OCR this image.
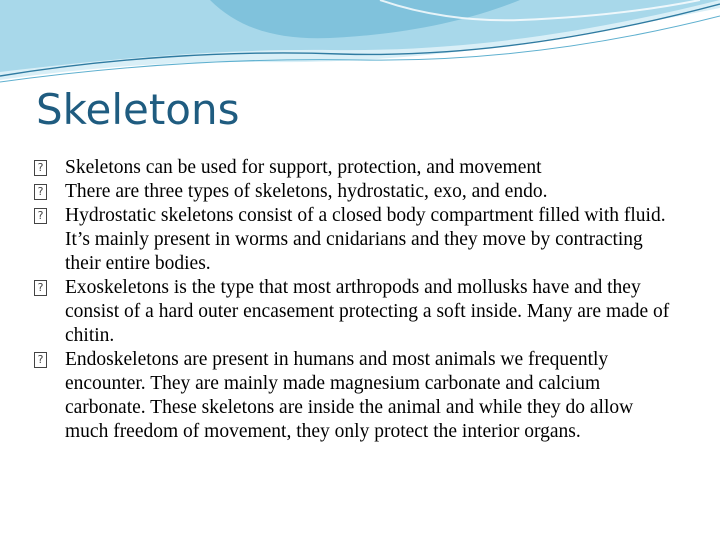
Skeletons
? Skeletons can be used for support, protection, and movement
? There are three types of skeletons, hydrostatic, exo, and endo.
? Hydrostatic skeletons consist of a closed body compartment filled with fluid. It’s mainly present in worms and cnidarians and they move by contracting their entire bodies.
? Exoskeletons is the type that most arthropods and mollusks have and they consist of a hard outer encasement protecting a soft inside. Many are made of chitin.
? Endoskeletons are present in humans and most animals we frequently encounter. They are mainly made magnesium carbonate and calcium carbonate. These skeletons are inside the animal and while they do allow much freedom of movement, they only protect the interior organs.
